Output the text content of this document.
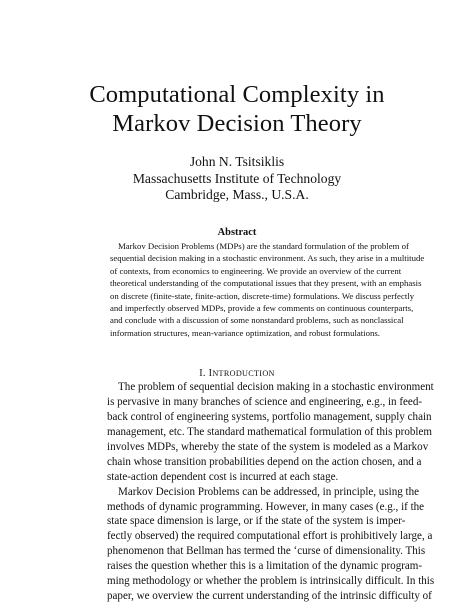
Computational Complexity in
Markov Decision Theory
John N. Tsitsiklis
Massachusetts Institute of Technology
Cambridge, Mass., U.S.A.
Abstract
Markov Decision Problems (MDPs) are the standard formulation of the problem of
sequential decision making in a stochastic environment. As such, they arise in a multitude
of contexts, from economics to engineering. We provide an overview of the current
theoretical understanding of the computational issues that they present, with an emphasis
on discrete (finite-state, finite-action, discrete-time) formulations. We discuss perfectly
and imperfectly observed MDPs, provide a few comments on continuous counterparts,
and conclude with a discussion of some nonstandard problems, such as nonclassical
information structures, mean-variance optimization, and robust formulations.
I. INTRODUCTION
 The problem of sequential decision making in a stochastic environment
is pervasive in many branches of science and engineering, e.g., in feed-
back control of engineering systems, portfolio management, supply chain
management, etc. The standard mathematical formulation of this problem
involves MDPs, whereby the state of the system is modeled as a Markov
chain whose transition probabilities depend on the action chosen, and a
state-action dependent cost is incurred at each stage.
 Markov Decision Problems can be addressed, in principle, using the
methods of dynamic programming. However, in many cases (e.g., if the
state space dimension is large, or if the state of the system is imper-
fectly observed) the required computational effort is prohibitively large, a
phenomenon that Bellman has termed the ‘curse of dimensionality. This
raises the question whether this is a limitation of the dynamic program-
ming methodology or whether the problem is intrinsically difficult. In this
paper, we overview the current understanding of the intrinsic difficulty of
